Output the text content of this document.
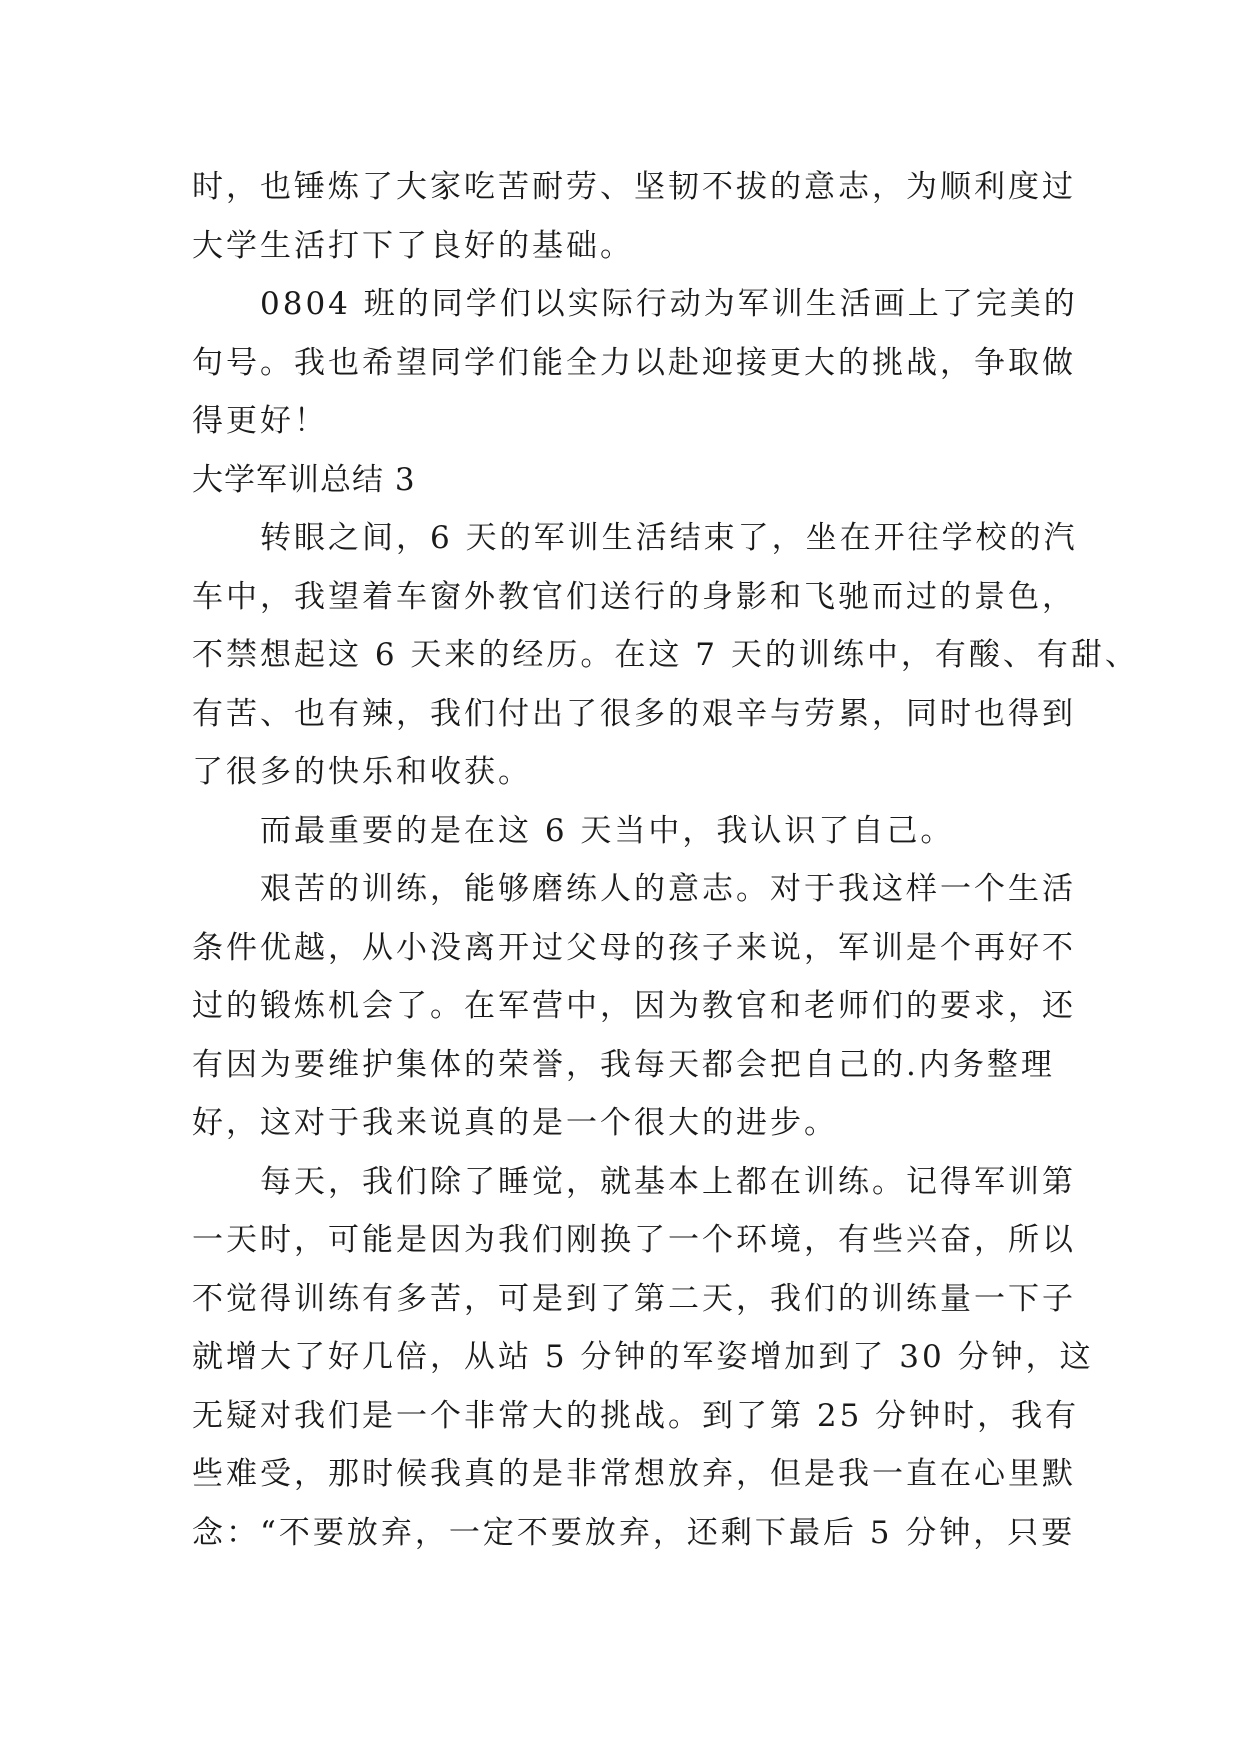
时，也锤炼了大家吃苦耐劳、坚韧不拔的意志，为顺利度过
大学生活打下了良好的基础。
0804 班的同学们以实际行动为军训生活画上了完美的
句号。我也希望同学们能全力以赴迎接更大的挑战，争取做
得更好！
大学军训总结 3
转眼之间，6 天的军训生活结束了，坐在开往学校的汽
车中，我望着车窗外教官们送行的身影和飞驰而过的景色，
不禁想起这 6 天来的经历。在这 7 天的训练中，有酸、有甜、
有苦、也有辣，我们付出了很多的艰辛与劳累，同时也得到
了很多的快乐和收获。
而最重要的是在这 6 天当中，我认识了自己。
艰苦的训练，能够磨练人的意志。对于我这样一个生活
条件优越，从小没离开过父母的孩子来说，军训是个再好不
过的锻炼机会了。在军营中，因为教官和老师们的要求，还
有因为要维护集体的荣誉，我每天都会把自己的.内务整理
好，这对于我来说真的是一个很大的进步。
每天，我们除了睡觉，就基本上都在训练。记得军训第
一天时，可能是因为我们刚换了一个环境，有些兴奋，所以
不觉得训练有多苦，可是到了第二天，我们的训练量一下子
就增大了好几倍，从站 5 分钟的军姿增加到了 30 分钟，这
无疑对我们是一个非常大的挑战。到了第 25 分钟时，我有
些难受，那时候我真的是非常想放弃，但是我一直在心里默
念：“不要放弃，一定不要放弃，还剩下最后 5 分钟，只要
